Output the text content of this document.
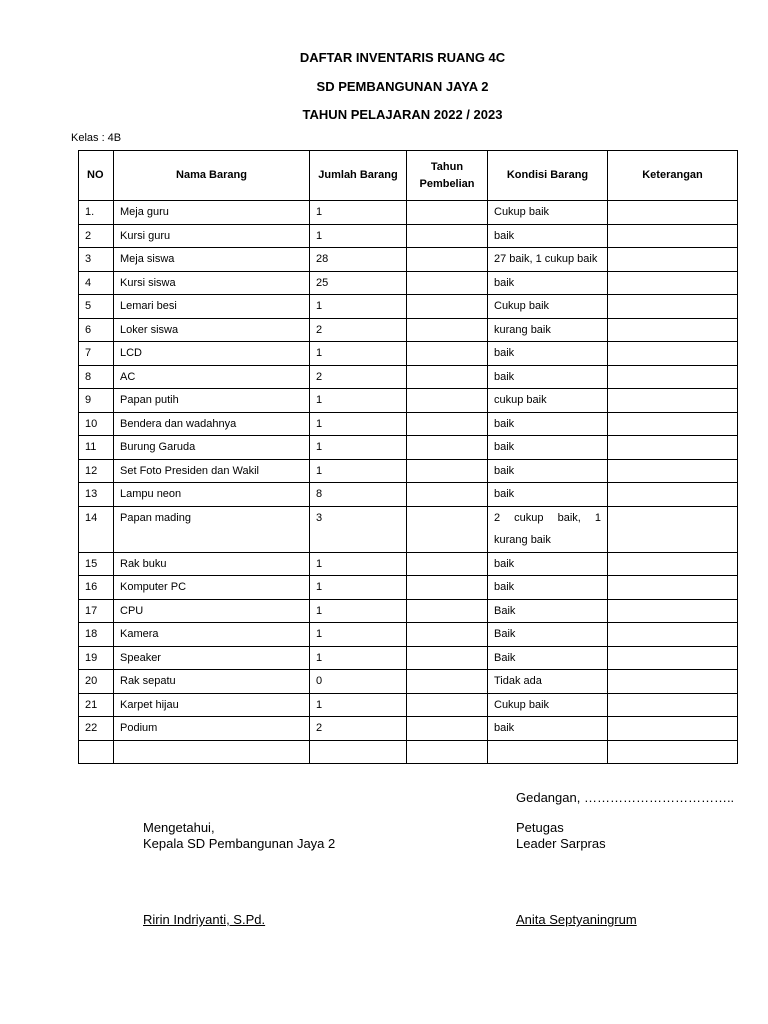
DAFTAR INVENTARIS RUANG 4C
SD PEMBANGUNAN JAYA 2
TAHUN PELAJARAN 2022 / 2023
Kelas : 4B
NO	Nama Barang	Jumlah Barang	Tahun Pembelian	Kondisi Barang	Keterangan
1.	Meja guru	1		Cukup baik	
2	Kursi guru	1		baik	
3	Meja siswa	28		27 baik, 1 cukup baik	
4	Kursi siswa	25		baik	
5	Lemari besi	1		Cukup baik	
6	Loker siswa	2		kurang baik	
7	LCD	1		baik	
8	AC	2		baik	
9	Papan putih	1		cukup baik	
10	Bendera dan wadahnya	1		baik	
11	Burung Garuda	1		baik	
12	Set Foto Presiden dan Wakil	1		baik	
13	Lampu neon	8		baik	
14	Papan mading	3		2 cukup baik, 1 kurang baik	
15	Rak buku	1		baik	
16	Komputer PC	1		baik	
17	CPU	1		Baik	
18	Kamera	1		Baik	
19	Speaker	1		Baik	
20	Rak sepatu	0		Tidak ada	
21	Karpet hijau	1		Cukup baik	
22	Podium	2		baik	

Gedangan, ……………………………..
Mengetahui,
Kepala SD Pembangunan Jaya 2
Petugas
Leader Sarpras
Ririn Indriyanti, S.Pd.	Anita Septyaningrum
